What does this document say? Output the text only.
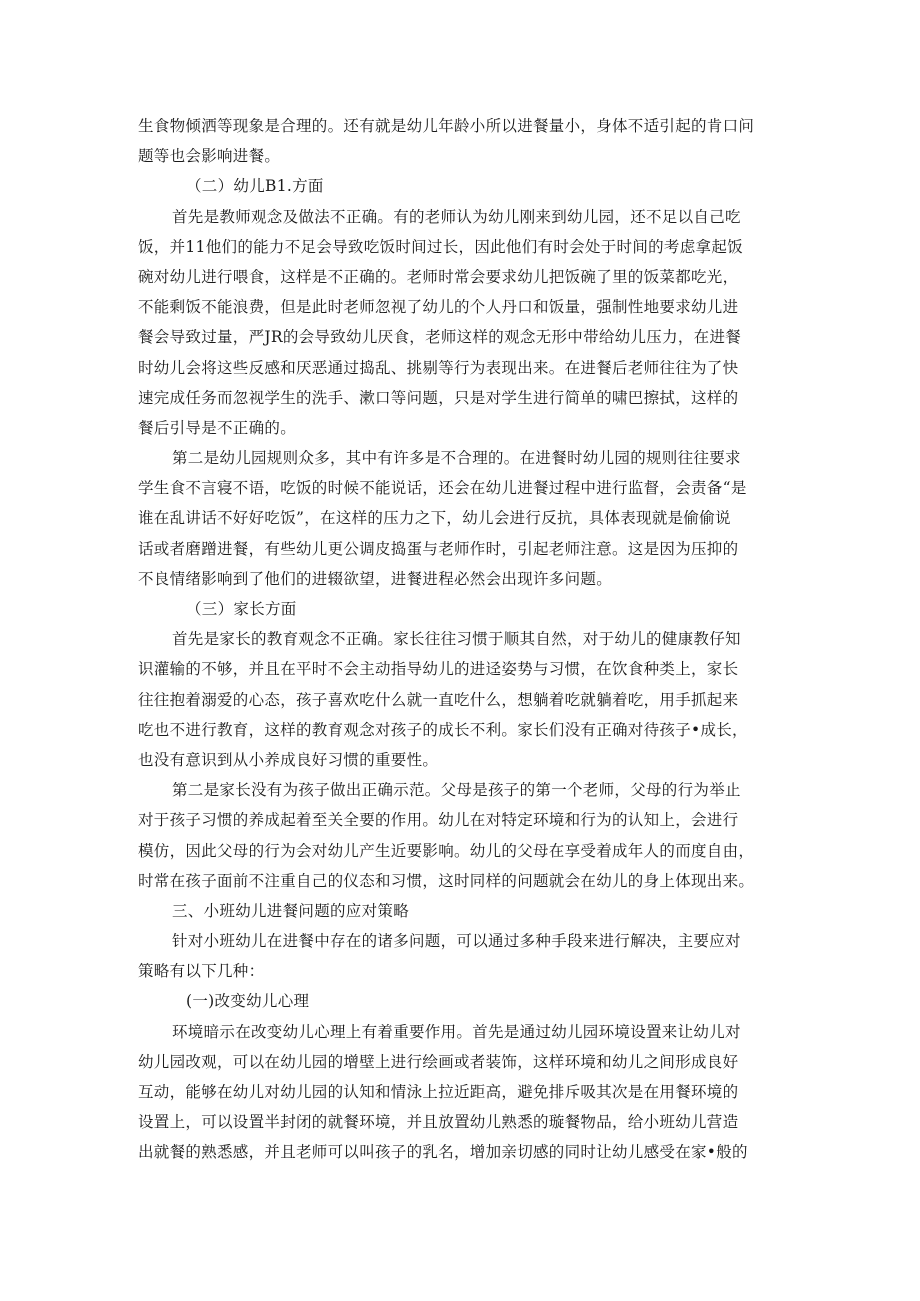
生食物倾洒等现象是合理的。还有就是幼儿年龄小所以进餐量小，身体不适引起的肯口问
题等也会影响进餐。
（二）幼儿B1.方面
首先是教师观念及做法不正确。有的老师认为幼儿刚来到幼儿园，还不足以自己吃
饭，并11他们的能力不足会导致吃饭时间过长，因此他们有时会处于时间的考虑拿起饭
碗对幼儿进行喂食，这样是不正确的。老师时常会要求幼儿把饭碗了里的饭菜都吃光，
不能剩饭不能浪费，但是此时老师忽视了幼儿的个人丹口和饭量，强制性地要求幼儿进
餐会导致过量，严JR的会导致幼儿厌食，老师这样的观念无形中带给幼儿压力，在进餐
时幼儿会将这些反感和厌恶通过捣乱、挑剔等行为表现出来。在进餐后老师往往为了快
速完成任务而忽视学生的洗手、漱口等问题，只是对学生进行简单的啸巴擦拭，这样的
餐后引导是不正确的。
第二是幼儿园规则众多，其中有许多是不合理的。在进餐时幼儿园的规则往往要求
学生食不言寝不语，吃饭的时候不能说话，还会在幼儿进餐过程中进行监督，会责备“是
谁在乱讲话不好好吃饭”，在这样的压力之下，幼儿会进行反抗，具体表现就是偷偷说
话或者磨蹭进餐，有些幼儿更公调皮捣蛋与老师作时，引起老师注意。这是因为压抑的
不良情绪影响到了他们的进辍欲望，进餐进程必然会出现许多问题。
（三）家长方面
首先是家长的教育观念不正确。家长往往习惯于顺其自然，对于幼儿的健康教仔知
识灌输的不够，并且在平时不会主动指导幼儿的进迳姿势与习惯，在饮食种类上，家长
往往抱着溺爱的心态，孩子喜欢吃什么就一直吃什么，想躺着吃就躺着吃，用手抓起来
吃也不进行教育，这样的教育观念对孩子的成长不利。家长们没有正确对待孩子•成长，
也没有意识到从小养成良好习惯的重要性。
第二是家长没有为孩子做出正确示范。父母是孩子的第一个老师，父母的行为举止
对于孩子习惯的养成起着至关全要的作用。幼儿在对特定环境和行为的认知上，会进行
模仿，因此父母的行为会对幼儿产生近要影响。幼儿的父母在享受着成年人的而度自由，
时常在孩子面前不注重自己的仪态和习惯，这时同样的问题就会在幼儿的身上体现出来。
三、小班幼儿进餐问题的应对策略
针对小班幼儿在进餐中存在的诸多问题，可以通过多种手段来进行解决，主要应对
策略有以下几种：
(一)改变幼儿心理
环境暗示在改变幼儿心理上有着重要作用。首先是通过幼儿园环境设置来让幼儿对
幼儿园改观，可以在幼儿园的增壁上进行绘画或者装饰，这样环境和幼儿之间形成良好
互动，能够在幼儿对幼儿园的认知和情泳上拉近距高，避免排斥吸其次是在用餐环境的
设置上，可以设置半封闭的就餐环境，并且放置幼儿熟悉的璇餐物品，给小班幼儿营造
出就餐的熟悉感，并且老师可以叫孩子的乳名，增加亲切感的同时让幼儿感受在家•般的
